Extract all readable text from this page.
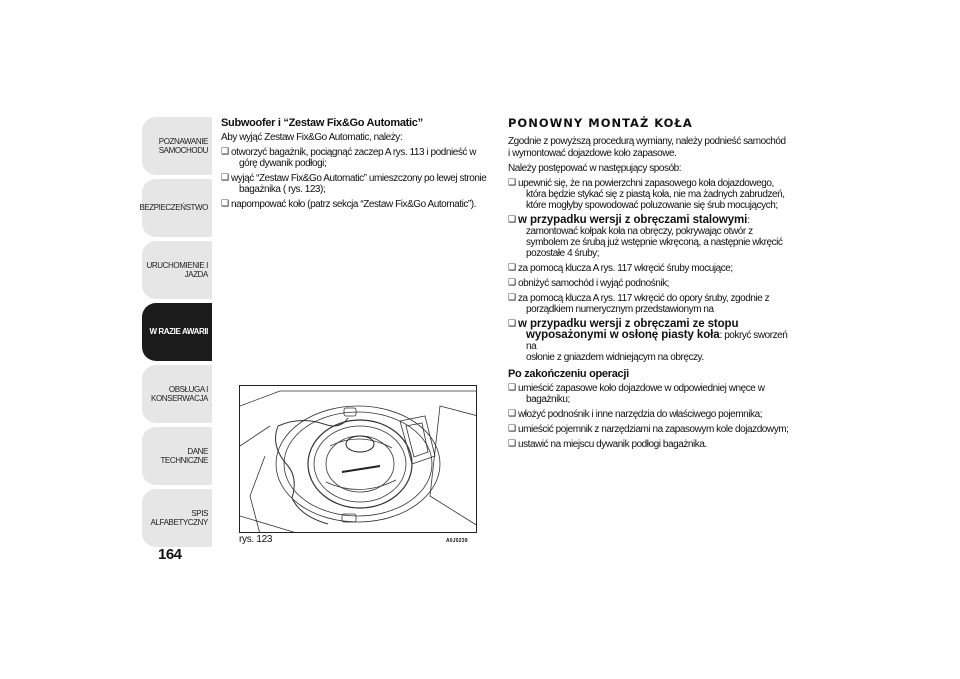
POZNAWANIE
SAMOCHODU
BEZPIECZEŃSTWO
URUCHOMIENIE I
JAZDA
W RAZIE AWARII
OBSŁUGA I
KONSERWACJA
DANE TECHNICZNE
SPIS ALFABETYCZNY
164
Subwoofer i “Zestaw Fix&Go Automatic”
Aby wyjąć Zestaw Fix&Go Automatic, należy:
❑ otworzyć bagażnik, pociągnąć zaczep A rys. 113 i podnieść w
górę dywanik podłogi;
❑ wyjąć “Zestaw Fix&Go Automatic” umieszczony po lewej stronie
bagażnika ( rys. 123);
❑ napompować koło (patrz sekcja “Zestaw Fix&Go Automatic”).
rys. 123	A0J0239
PONOWNY MONTAŻ KOŁA
Zgodnie z powyższą procedurą wymiany, należy podnieść samochód
i wymontować dojazdowe koło zapasowe.
Należy postępować w następujący sposób:
❑ upewnić się, że na powierzchni zapasowego koła dojazdowego,
która będzie stykać się z piastą koła, nie ma żadnych zabrudzeń,
które mogłyby spowodować poluzowanie się śrub mocujących;
❑ w przypadku wersji z obręczami stalowymi:
zamontować kołpak koła na obręczy, pokrywając otwór z
symbolem ze śrubą już wstępnie wkręconą, a następnie wkręcić
pozostałe 4 śruby;
❑ za pomocą klucza A rys. 117 wkręcić śruby mocujące;
❑ obniżyć samochód i wyjąć podnośnik;
❑ za pomocą klucza A rys. 117 wkręcić do opory śruby, zgodnie z
porządkiem numerycznym przedstawionym na
❑ w przypadku wersji z obręczami ze stopu
wyposażonymi w osłonę piasty koła: pokryć sworzeń na
osłonie z gniazdem widniejącym na obręczy.
Po zakończeniu operacji
❑ umieścić zapasowe koło dojazdowe w odpowiedniej wnęce w
bagażniku;
❑ włożyć podnośnik i inne narzędzia do właściwego pojemnika;
❑ umieścić pojemnik z narzędziami na zapasowym kole dojazdowym;
❑ ustawić na miejscu dywanik podłogi bagażnika.
